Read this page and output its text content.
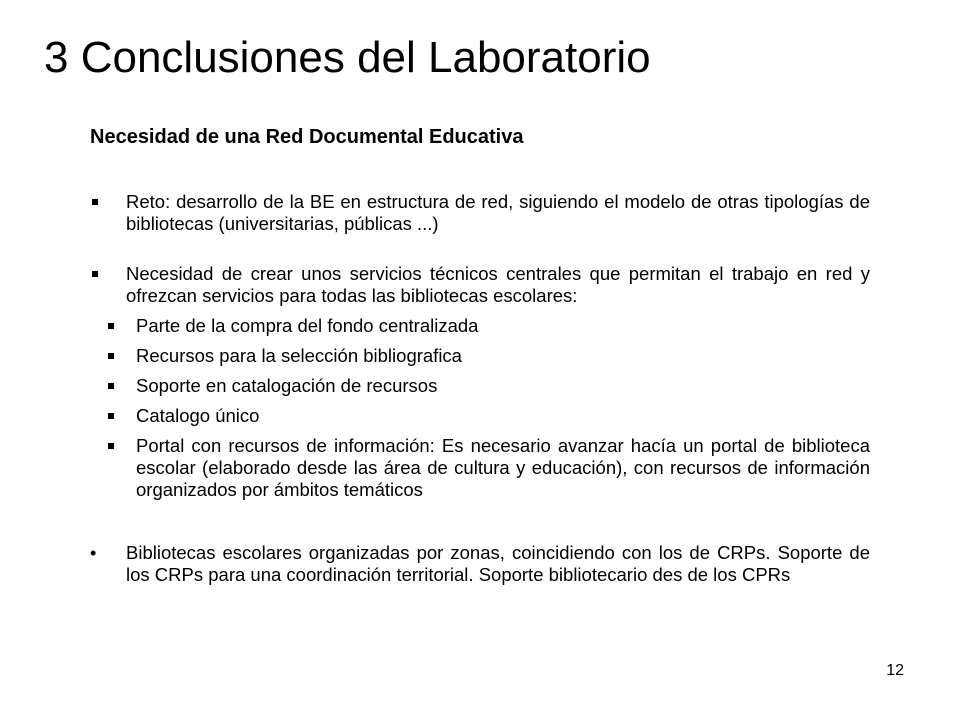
3 Conclusiones del Laboratorio
Necesidad de una Red Documental Educativa
Reto: desarrollo de la BE en estructura de red, siguiendo el modelo de otras tipologías de bibliotecas (universitarias, públicas ...)
Necesidad de crear unos servicios técnicos centrales que permitan el trabajo en red y ofrezcan servicios para todas las bibliotecas escolares:
Parte de la compra del fondo centralizada
Recursos para la selección bibliografica
Soporte en catalogación de recursos
Catalogo único
Portal con recursos de información: Es necesario avanzar hacía un portal de biblioteca escolar (elaborado desde las área de cultura y educación), con recursos de información organizados por ámbitos temáticos
• Bibliotecas escolares organizadas por zonas, coincidiendo con los de CRPs. Soporte de los CRPs para una coordinación territorial. Soporte bibliotecario des de los CPRs
12
